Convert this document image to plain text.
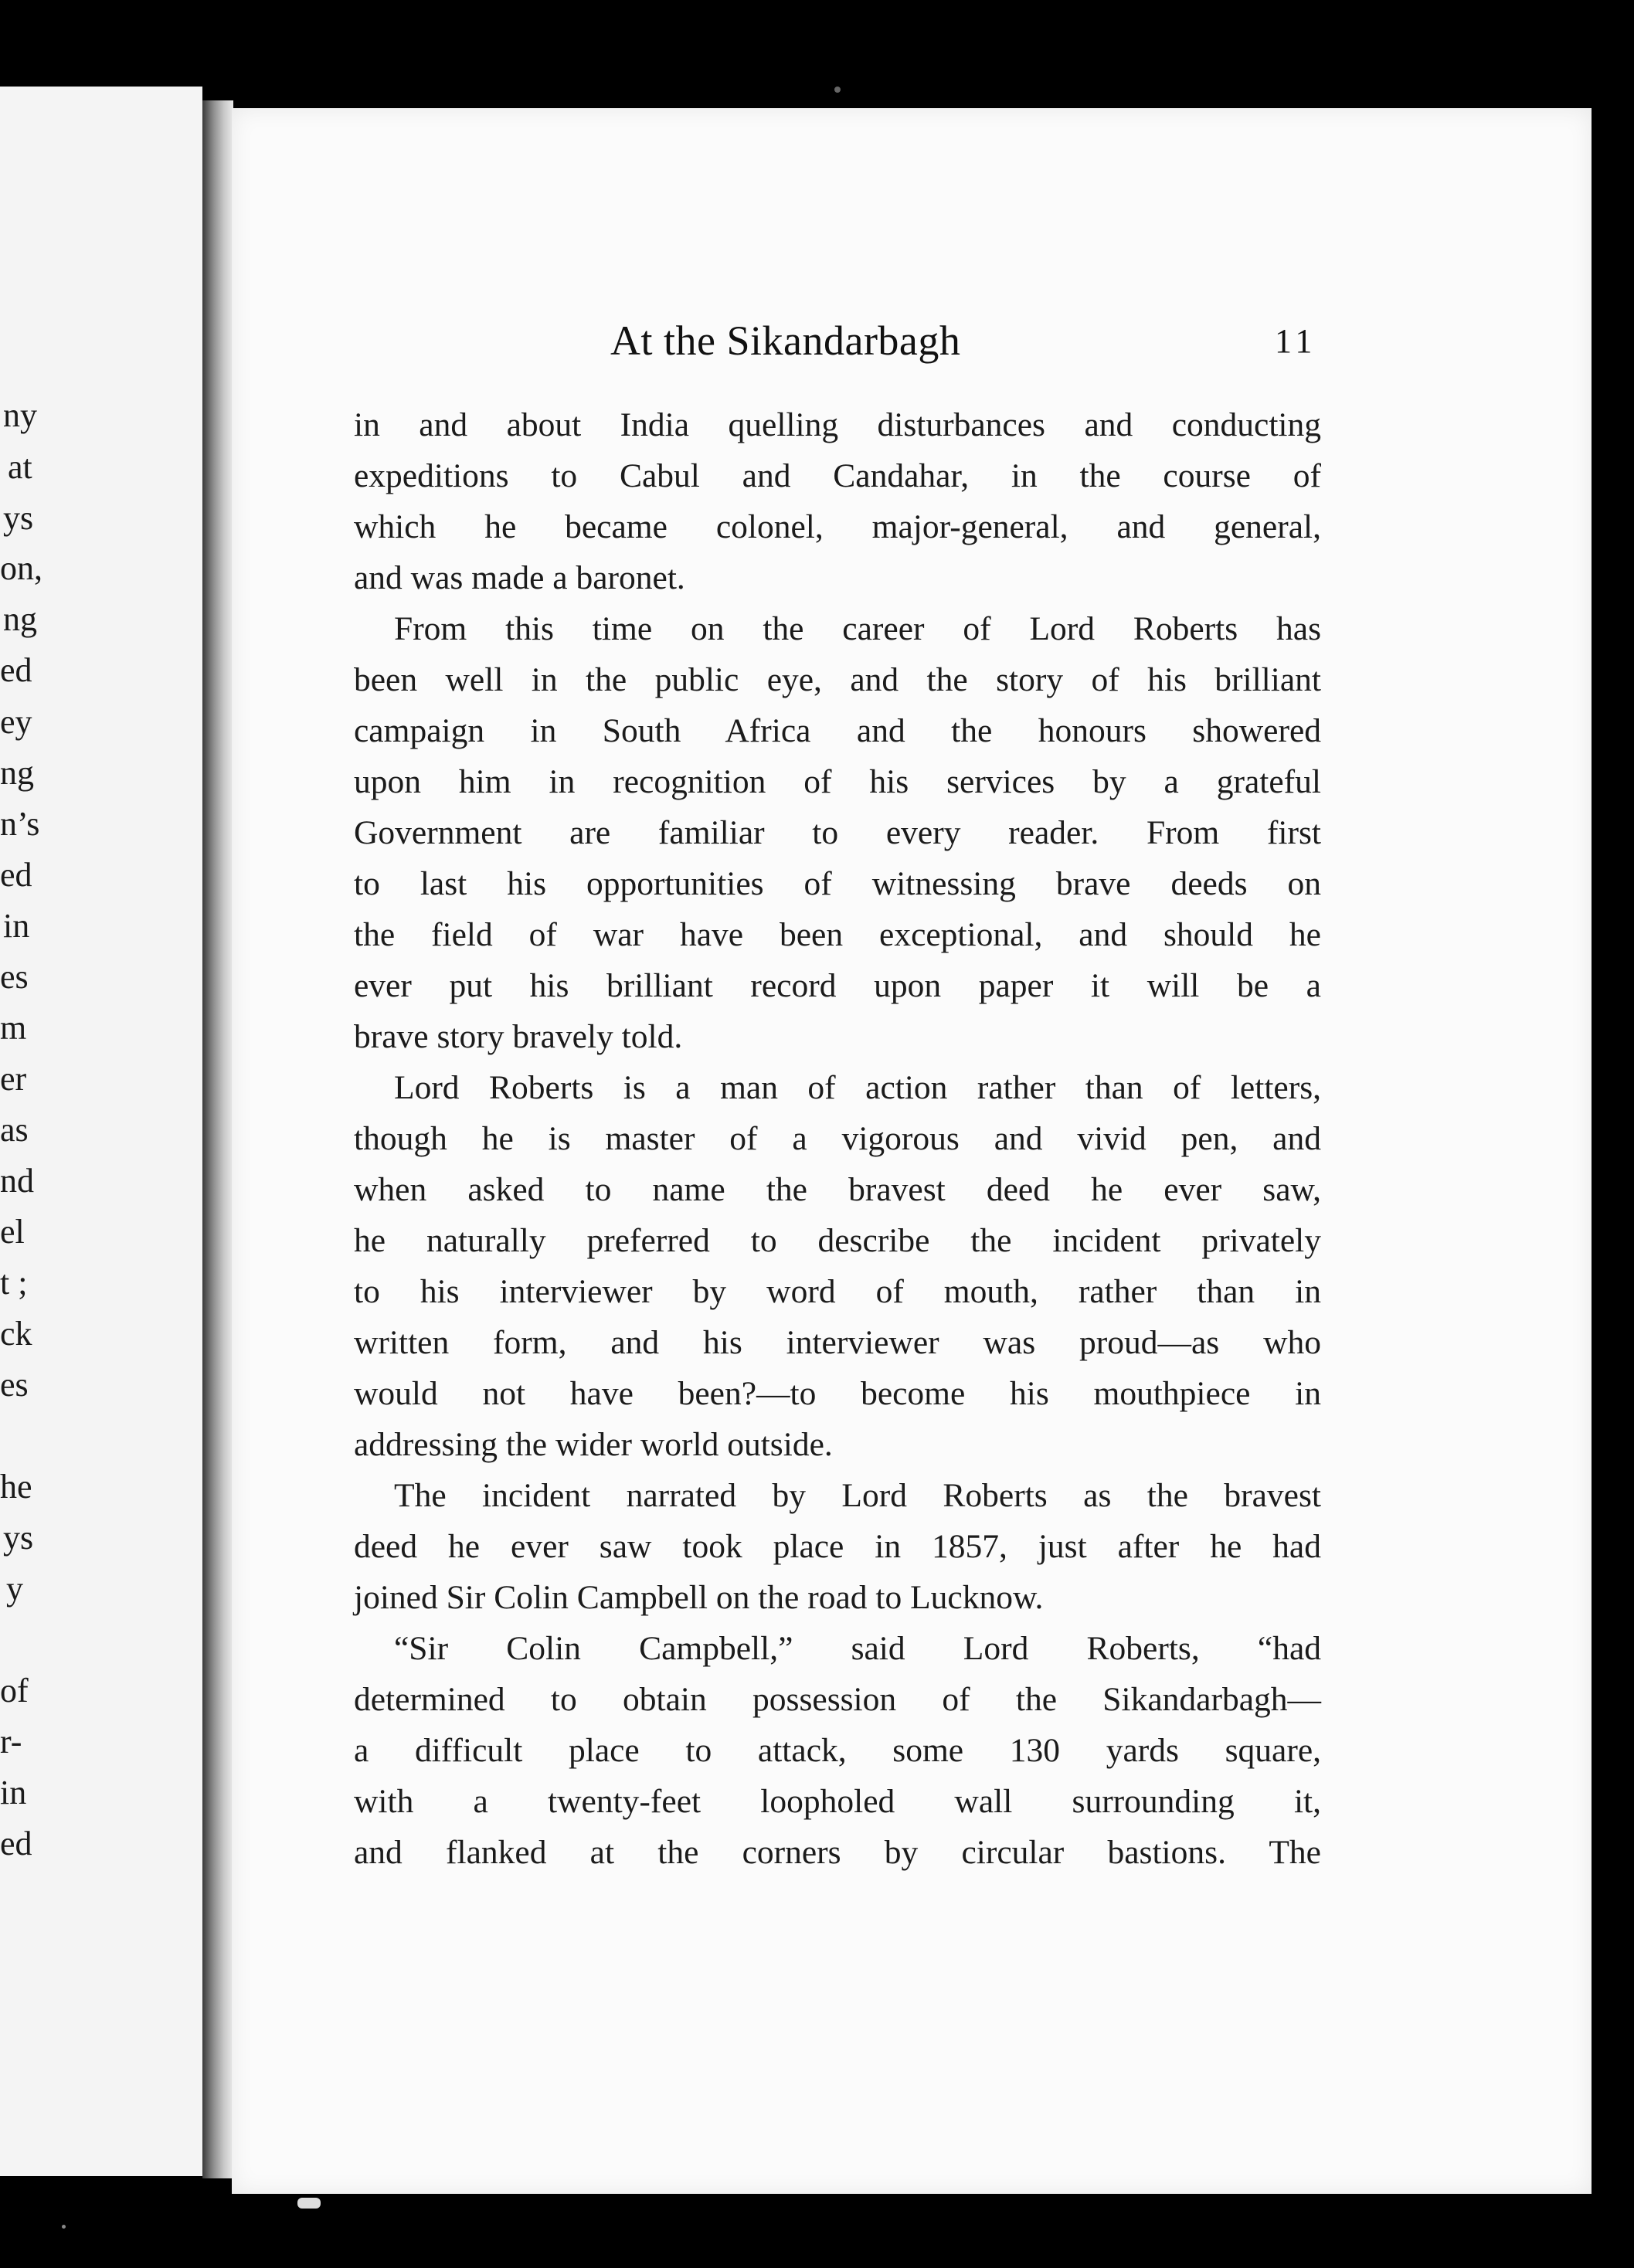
ny
at
ys
on,
ng
ed
ey
ng
n’s
ed
in
es
m
er
as
nd
el
t ;
ck
es
he
ys
y
of
r-
in
ed
At the Sikandarbagh	11
in and about India quelling disturbances and conducting
expeditions to Cabul and Candahar, in the course of
which he became colonel, major-general, and general,
and was made a baronet.
From this time on the career of Lord Roberts has
been well in the public eye, and the story of his brilliant
campaign in South Africa and the honours showered
upon him in recognition of his services by a grateful
Government are familiar to every reader. From first
to last his opportunities of witnessing brave deeds on
the field of war have been exceptional, and should he
ever put his brilliant record upon paper it will be a
brave story bravely told.
Lord Roberts is a man of action rather than of letters,
though he is master of a vigorous and vivid pen, and
when asked to name the bravest deed he ever saw,
he naturally preferred to describe the incident privately
to his interviewer by word of mouth, rather than in
written form, and his interviewer was proud—as who
would not have been?—to become his mouthpiece in
addressing the wider world outside.
The incident narrated by Lord Roberts as the bravest
deed he ever saw took place in 1857, just after he had
joined Sir Colin Campbell on the road to Lucknow.
“Sir Colin Campbell,” said Lord Roberts, “had
determined to obtain possession of the Sikandarbagh—
a difficult place to attack, some 130 yards square,
with a twenty-feet loopholed wall surrounding it,
and flanked at the corners by circular bastions. The
